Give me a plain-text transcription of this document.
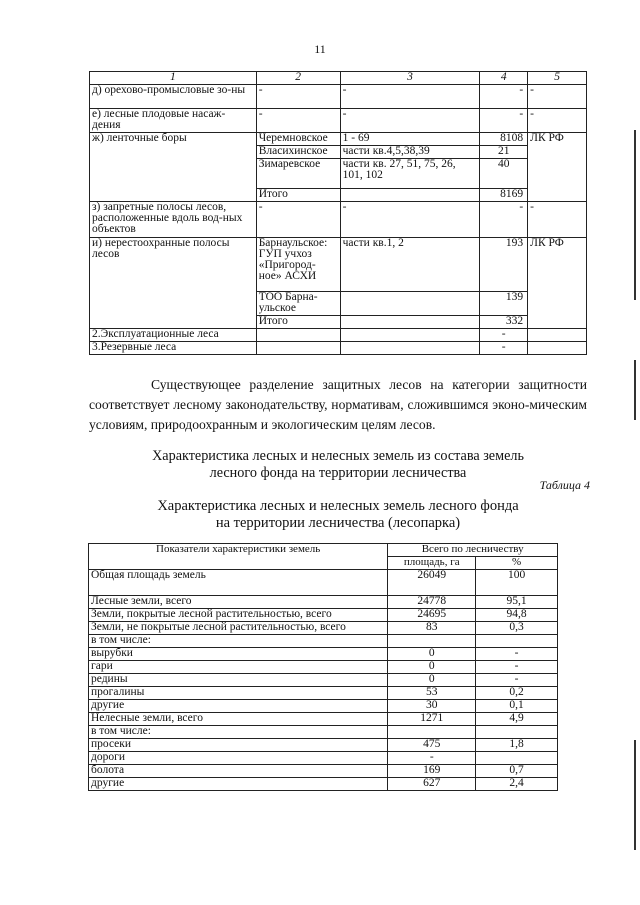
11
1	2	3	4	5
д) орехово-промысловые зо-ны	-	-	-	-
е) лесные плодовые насаж-дения	-	-	-	-
ж) ленточные боры	Черемновское	1 - 69	8108	ЛК РФ
	Власихинское	части кв.4,5,38,39	21	
	Зимаревское	части кв. 27, 51, 75, 26, 101, 102	40	
	Итого		8169	
з) запретные полосы лесов, расположенные вдоль вод-ных объектов	-	-	-	-
и) нерестоохранные полосы лесов	Барнаульское: ГУП учхоз «Пригород-ное» АСХИ	части кв.1, 2	193	ЛК РФ
	ТОО Барна-ульское		139	
	Итого		332	
2.Эксплуатационные леса			-	
3.Резервные леса			-	
Существующее разделение защитных лесов на категории защитности соответствует лесному законодательству, нормативам, сложившимся эконо-мическим условиям, природоохранным и экологическим целям лесов.
Характеристика лесных и нелесных земель из состава земель
лесного фонда на территории лесничества
Таблица 4
Характеристика лесных и нелесных земель лесного фонда
на территории лесничества (лесопарка)
Показатели характеристики земель	Всего по лесничеству	
	площадь, га	%
Общая площадь земель	26049	100
Лесные земли, всего	24778	95,1
Земли, покрытые лесной растительностью, всего	24695	94,8
Земли, не покрытые лесной растительностью, всего	83	0,3
в том числе:		
вырубки	0	-
гари	0	-
редины	0	-
прогалины	53	0,2
другие	30	0,1
Нелесные земли, всего	1271	4,9
в том числе:		
просеки	475	1,8
дороги	-	
болота	169	0,7
другие	627	2,4
